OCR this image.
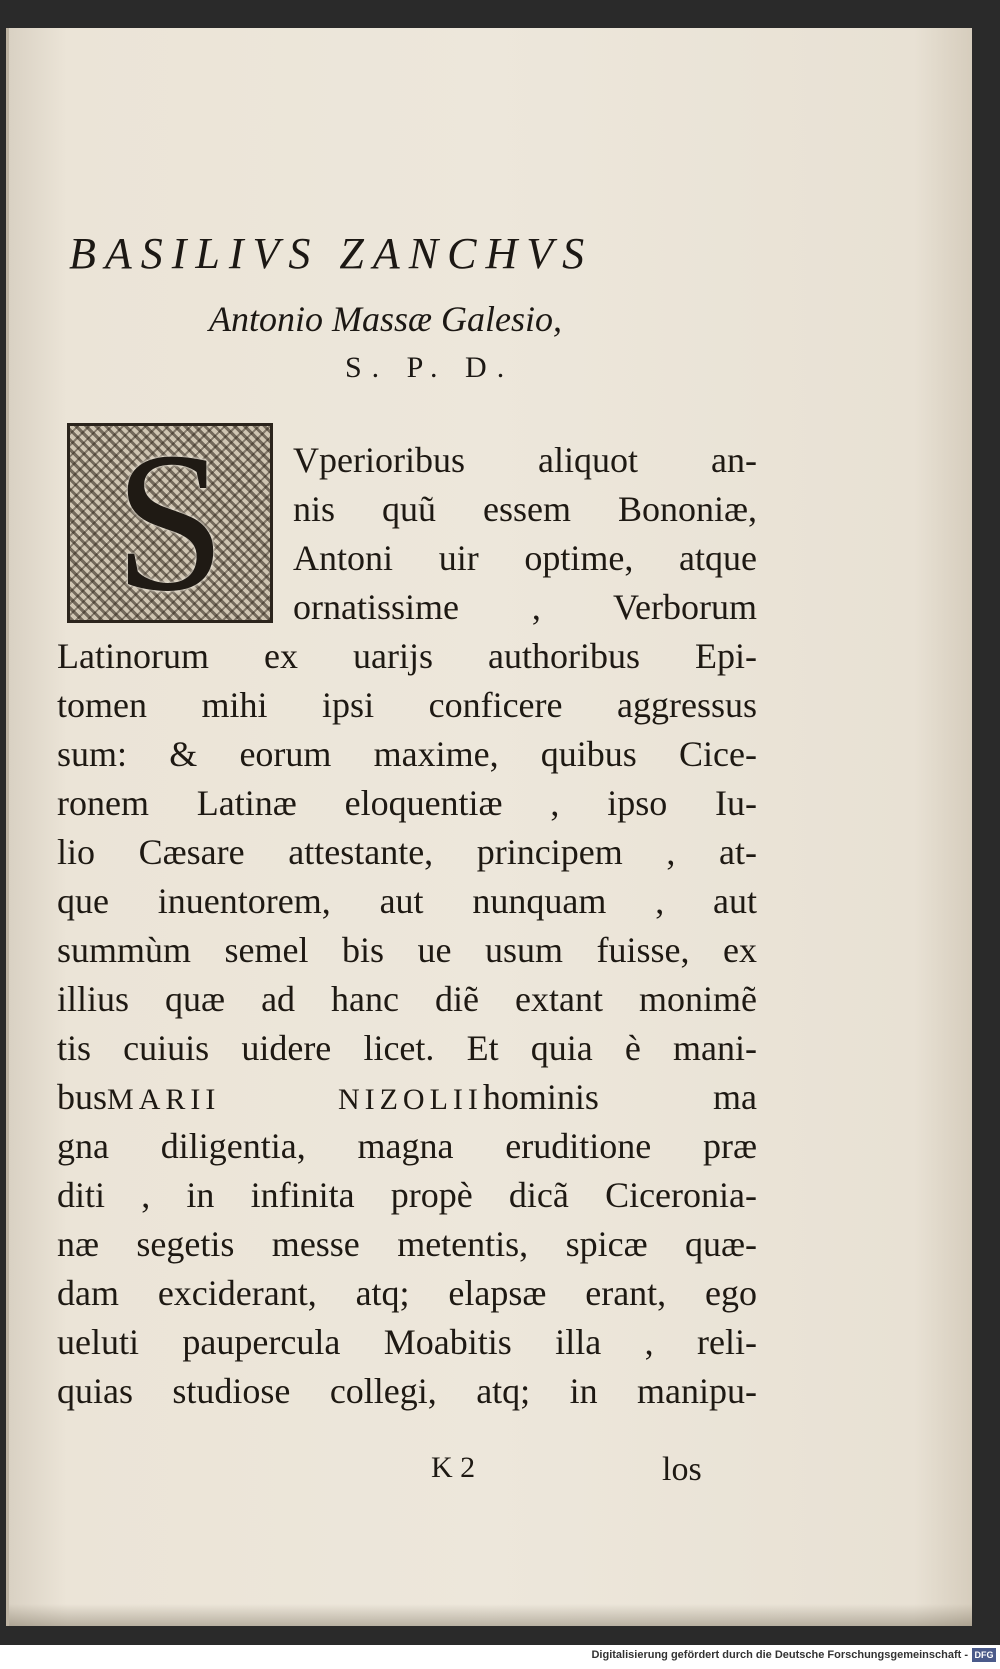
BASILIVS ZANCHVS
Antonio Massæ Galesio,
S. P. D.
S	Vperioribus aliquot an-
nis quũ essem Bononiæ,
Antoni uir optime, atque
ornatissime , Verborum
Latinorum ex uarijs authoribus Epi-
tomen mihi ipsi conficere aggressus
sum: & eorum maxime, quibus Cice-
ronem Latinæ eloquentiæ , ipso Iu-
lio Cæsare attestante, principem , at-
que inuentorem, aut nunquam , aut
summùm semel bis ue usum fuisse, ex
illius quæ ad hanc diẽ extant monimẽ
tis cuiuis uidere licet. Et quia è mani-
busMARII NIZOLIIhominis ma
gna diligentia, magna eruditione præ
diti , in infinita propè dicã Ciceronia-
næ segetis messe metentis, spicæ quæ-
dam exciderant, atq; elapsæ erant, ego
ueluti paupercula Moabitis illa , reli-
quias studiose collegi, atq; in manipu-
K 2	los
Digitalisierung gefördert durch die Deutsche Forschungsgemeinschaft - DFG
